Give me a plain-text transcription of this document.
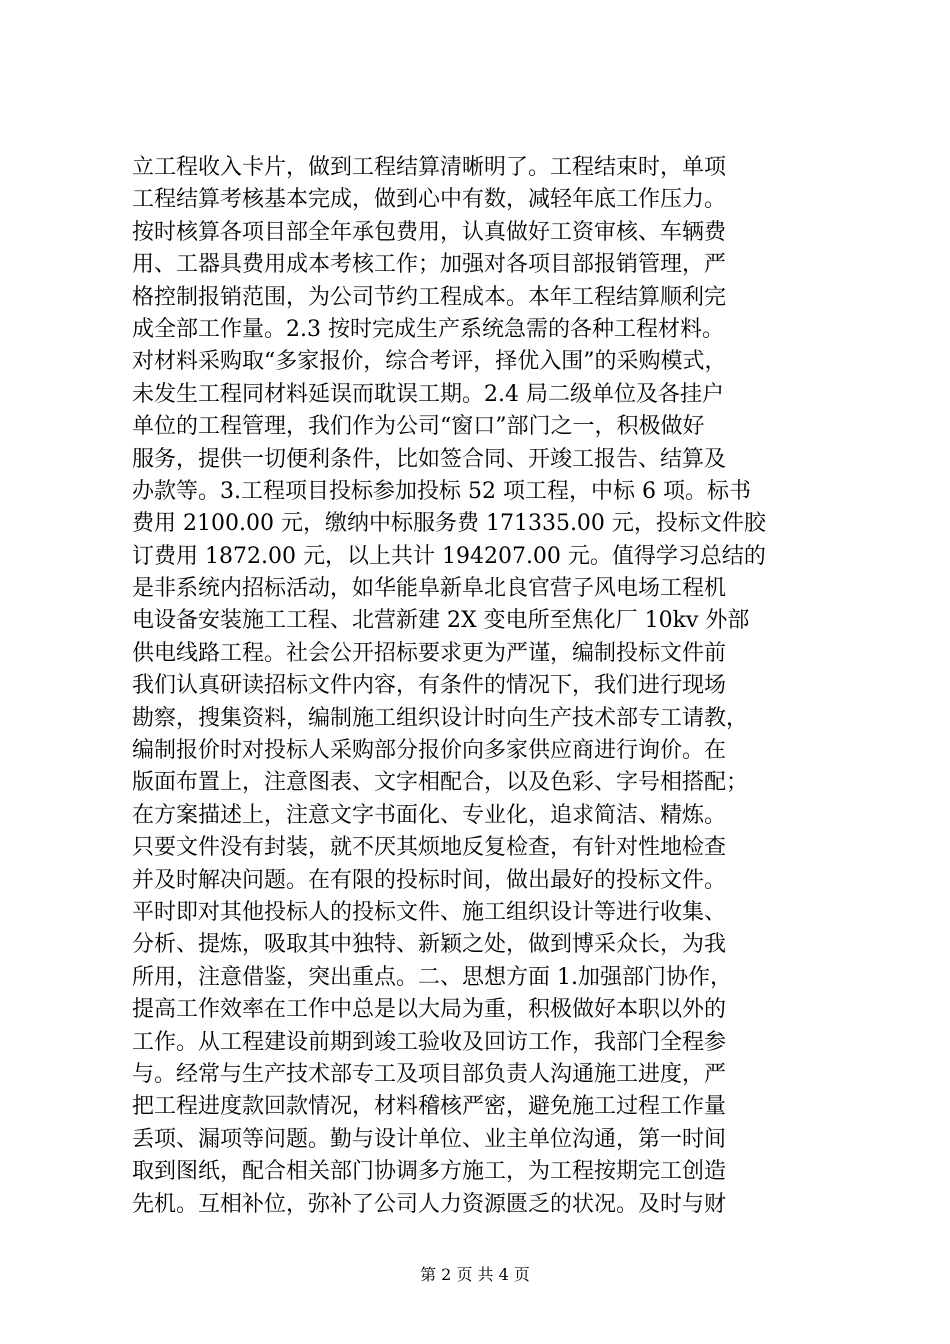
立工程收入卡片，做到工程结算清晰明了。工程结束时，单项
工程结算考核基本完成，做到心中有数，减轻年底工作压力。
按时核算各项目部全年承包费用，认真做好工资审核、车辆费
用、工器具费用成本考核工作；加强对各项目部报销管理，严
格控制报销范围，为公司节约工程成本。本年工程结算顺利完
成全部工作量。2.3 按时完成生产系统急需的各种工程材料。
对材料采购取“多家报价，综合考评，择优入围”的采购模式，
未发生工程同材料延误而耽误工期。2.4 局二级单位及各挂户
单位的工程管理，我们作为公司“窗口”部门之一，积极做好
服务，提供一切便利条件，比如签合同、开竣工报告、结算及
办款等。3.工程项目投标参加投标 52 项工程，中标 6 项。标书
费用 2100.00 元，缴纳中标服务费 171335.00 元，投标文件胶
订费用 1872.00 元，以上共计 194207.00 元。值得学习总结的
是非系统内招标活动，如华能阜新阜北良官营子风电场工程机
电设备安装施工工程、北营新建 2X 变电所至焦化厂 10kv 外部
供电线路工程。社会公开招标要求更为严谨，编制投标文件前
我们认真研读招标文件内容，有条件的情况下，我们进行现场
勘察，搜集资料，编制施工组织设计时向生产技术部专工请教，
编制报价时对投标人采购部分报价向多家供应商进行询价。在
版面布置上，注意图表、文字相配合，以及色彩、字号相搭配；
在方案描述上，注意文字书面化、专业化，追求简洁、精炼。
只要文件没有封装，就不厌其烦地反复检查，有针对性地检查
并及时解决问题。在有限的投标时间，做出最好的投标文件。
平时即对其他投标人的投标文件、施工组织设计等进行收集、
分析、提炼，吸取其中独特、新颖之处，做到博采众长，为我
所用，注意借鉴，突出重点。二、思想方面 1.加强部门协作，
提高工作效率在工作中总是以大局为重，积极做好本职以外的
工作。从工程建设前期到竣工验收及回访工作，我部门全程参
与。经常与生产技术部专工及项目部负责人沟通施工进度，严
把工程进度款回款情况，材料稽核严密，避免施工过程工作量
丢项、漏项等问题。勤与设计单位、业主单位沟通，第一时间
取到图纸，配合相关部门协调多方施工，为工程按期完工创造
先机。互相补位，弥补了公司人力资源匮乏的状况。及时与财
第 2 页 共 4 页
